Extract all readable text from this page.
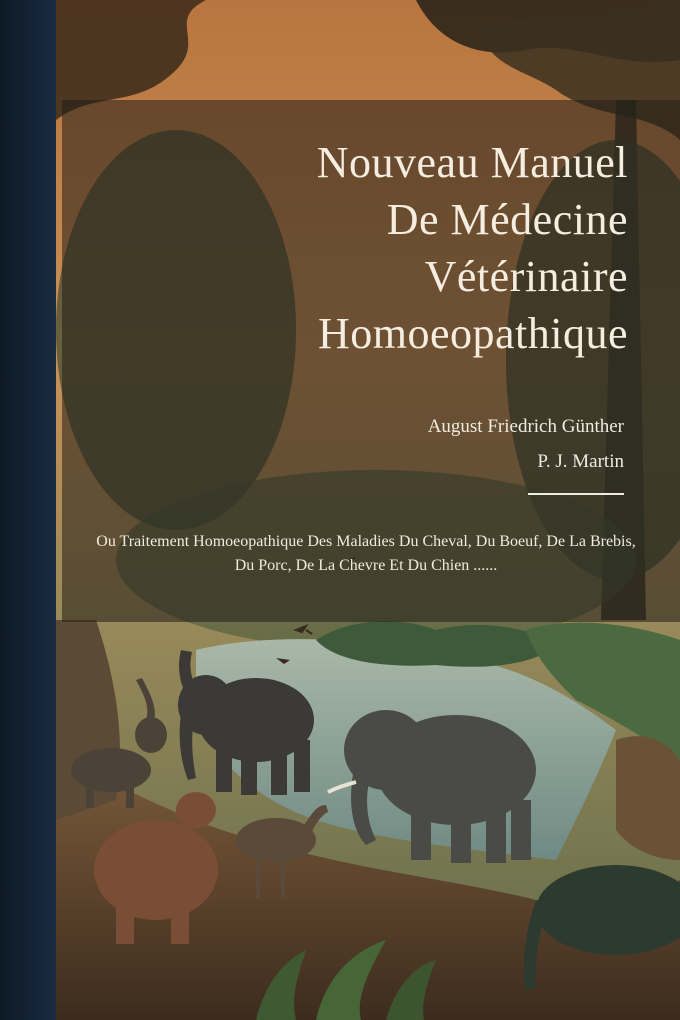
Nouveau Manuel
De Médecine
Vétérinaire
Homoeopathique
August Friedrich Günther
P. J. Martin
Ou Traitement Homoeopathique Des Maladies Du Cheval, Du Boeuf, De La Brebis, Du Porc, De La Chevre Et Du Chien ......
